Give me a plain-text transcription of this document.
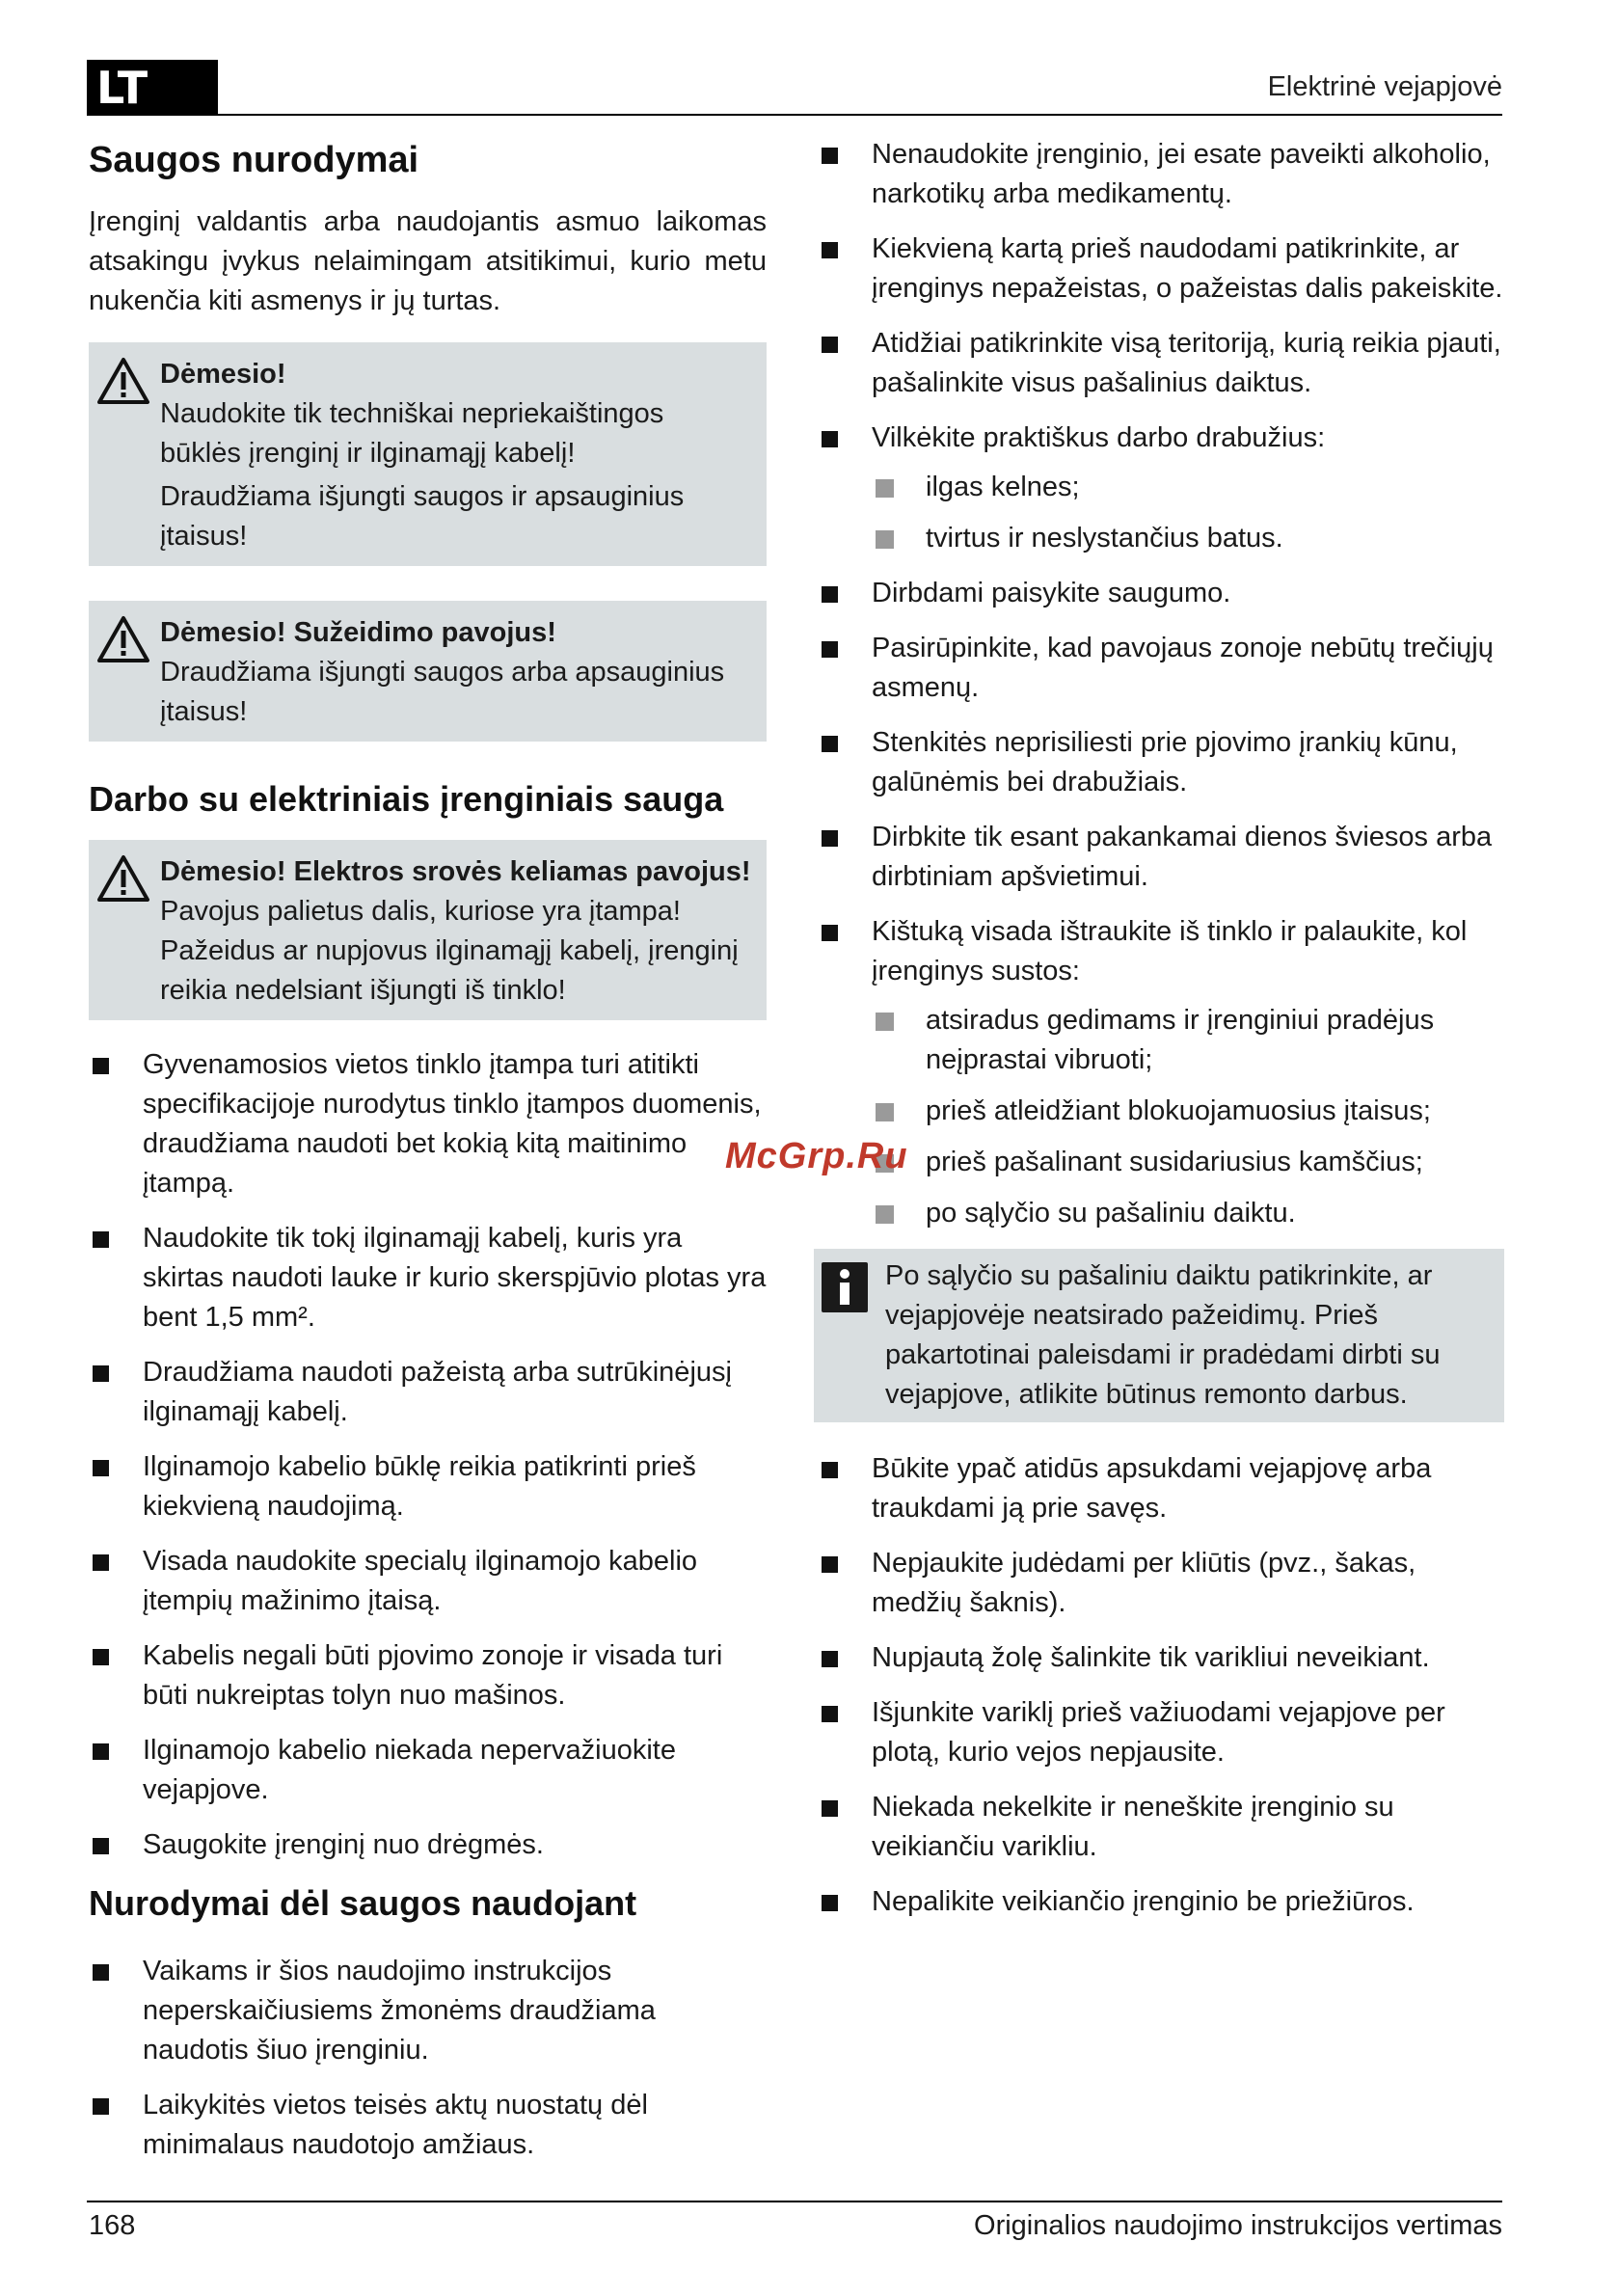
LT	Elektrinė vejapjovė
Saugos nurodymai

Įrenginį valdantis arba naudojantis asmuo laikomas atsakingu įvykus nelaimingam atsitikimui, kurio metu nukenčia kiti asmenys ir jų turtas.

Dėmesio!
Naudokite tik techniškai nepriekaištingos būklės įrenginį ir ilginamąjį kabelį!
Draudžiama išjungti saugos ir apsauginius įtaisus!
Dėmesio! Sužeidimo pavojus!
Draudžiama išjungti saugos arba apsauginius įtaisus!
Darbo su elektriniais įrenginiais sauga
Dėmesio! Elektros srovės keliamas pavojus!
Pavojus palietus dalis, kuriose yra įtampa! Pažeidus ar nupjovus ilginamąjį kabelį, įrenginį reikia nedelsiant išjungti iš tinklo!
Gyvenamosios vietos tinklo įtampa turi atitikti specifikacijoje nurodytus tinklo įtampos duomenis, draudžiama naudoti bet kokią kitą maitinimo įtampą.
Naudokite tik tokį ilginamąjį kabelį, kuris yra skirtas naudoti lauke ir kurio skerspjūvio plotas yra bent 1,5 mm².
Draudžiama naudoti pažeistą arba sutrūkinėjusį ilginamąjį kabelį.
Ilginamojo kabelio būklę reikia patikrinti prieš kiekvieną naudojimą.
Visada naudokite specialų ilginamojo kabelio įtempių mažinimo įtaisą.
Kabelis negali būti pjovimo zonoje ir visada turi būti nukreiptas tolyn nuo mašinos.
Ilginamojo kabelio niekada nepervažiuokite vejapjove.
Saugokite įrenginį nuo drėgmės.
Nurodymai dėl saugos naudojant
Vaikams ir šios naudojimo instrukcijos neperskaičiusiems žmonėms draudžiama naudotis šiuo įrenginiu.
Laikykitės vietos teisės aktų nuostatų dėl minimalaus naudotojo amžiaus.
Nenaudokite įrenginio, jei esate paveikti alkoholio, narkotikų arba medikamentų.
Kiekvieną kartą prieš naudodami patikrinkite, ar įrenginys nepažeistas, o pažeistas dalis pakeiskite.
Atidžiai patikrinkite visą teritoriją, kurią reikia pjauti, pašalinkite visus pašalinius daiktus.
Vilkėkite praktiškus darbo drabužius:
ilgas kelnes;
tvirtus ir neslystančius batus.
Dirbdami paisykite saugumo.
Pasirūpinkite, kad pavojaus zonoje nebūtų trečiųjų asmenų.
Stenkitės neprisiliesti prie pjovimo įrankių kūnu, galūnėmis bei drabužiais.
Dirbkite tik esant pakankamai dienos šviesos arba dirbtiniam apšvietimui.
Kištuką visada ištraukite iš tinklo ir palaukite, kol įrenginys sustos:
atsiradus gedimams ir įrenginiui pradėjus neįprastai vibruoti;
prieš atleidžiant blokuojamuosius įtaisus;
prieš pašalinant susidariusius kamščius;
po sąlyčio su pašaliniu daiktu.
Po sąlyčio su pašaliniu daiktu patikrinkite, ar vejapjovėje neatsirado pažeidimų. Prieš pakartotinai paleisdami ir pradėdami dirbti su vejapjove, atlikite būtinus remonto darbus.
Būkite ypač atidūs apsukdami vejapjovę arba traukdami ją prie savęs.
Nepjaukite judėdami per kliūtis (pvz., šakas, medžių šaknis).
Nupjautą žolę šalinkite tik varikliui neveikiant.
Išjunkite variklį prieš važiuodami vejapjove per plotą, kurio vejos nepjausite.
Niekada nekelkite ir neneškite įrenginio su veikiančiu varikliu.
Nepalikite veikiančio įrenginio be priežiūros.
McGrp.Ru
168	Originalios naudojimo instrukcijos vertimas
